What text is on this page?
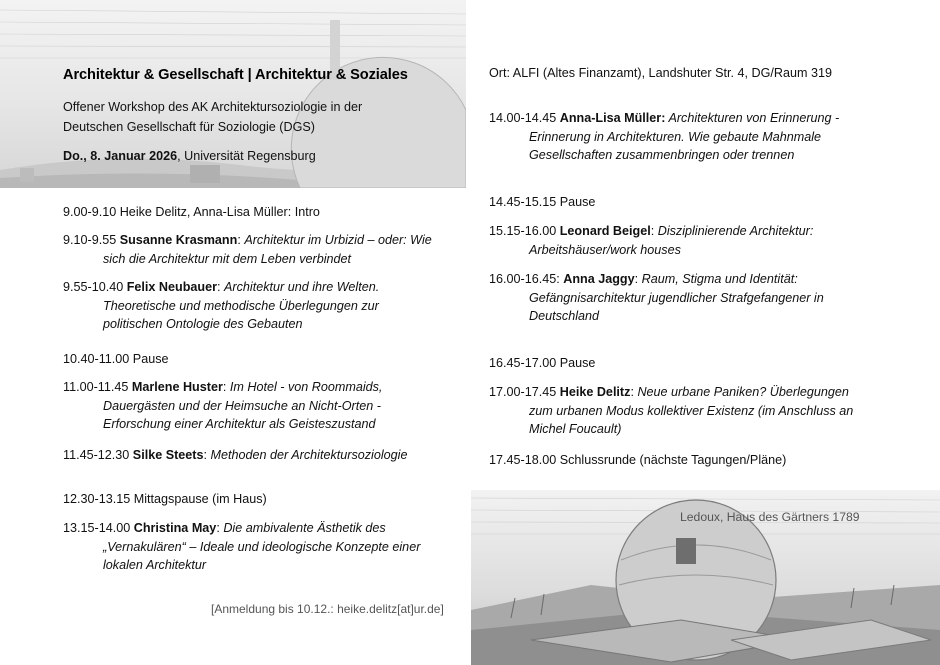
Architektur & Gesellschaft | Architektur & Soziales
Offener Workshop des AK Architektursoziologie in der
Deutschen Gesellschaft für Soziologie (DGS)
Do., 8. Januar 2026, Universität Regensburg
9.00-9.10 Heike Delitz, Anna-Lisa Müller: Intro
9.10-9.55 Susanne Krasmann: Architektur im Urbizid – oder: Wie
sich die Architektur mit dem Leben verbindet
9.55-10.40 Felix Neubauer: Architektur und ihre Welten.
Theoretische und methodische Überlegungen zur
politischen Ontologie des Gebauten
10.40-11.00 Pause
11.00-11.45 Marlene Huster: Im Hotel - von Roommaids,
Dauergästen und der Heimsuche an Nicht-Orten -
Erforschung einer Architektur als Geisteszustand
11.45-12.30 Silke Steets: Methoden der Architektursoziologie
12.30-13.15 Mittagspause (im Haus)
13.15-14.00 Christina May: Die ambivalente Ästhetik des
„Vernakulären“ – Ideale und ideologische Konzepte einer
lokalen Architektur
[Anmeldung bis 10.12.: heike.delitz[at]ur.de]
Ort: ALFI (Altes Finanzamt), Landshuter Str. 4, DG/Raum 319
14.00-14.45 Anna-Lisa Müller: Architekturen von Erinnerung -
Erinnerung in Architekturen. Wie gebaute Mahnmale
Gesellschaften zusammenbringen oder trennen
14.45-15.15 Pause
15.15-16.00 Leonard Beigel: Disziplinierende Architektur:
Arbeitshäuser/work houses
16.00-16.45: Anna Jaggy: Raum, Stigma und Identität:
Gefängnisarchitektur jugendlicher Strafgefangener in
Deutschland
16.45-17.00 Pause
17.00-17.45 Heike Delitz: Neue urbane Paniken? Überlegungen
zum urbanen Modus kollektiver Existenz (im Anschluss an
Michel Foucault)
17.45-18.00 Schlussrunde (nächste Tagungen/Pläne)
Ledoux, Haus des Gärtners 1789
